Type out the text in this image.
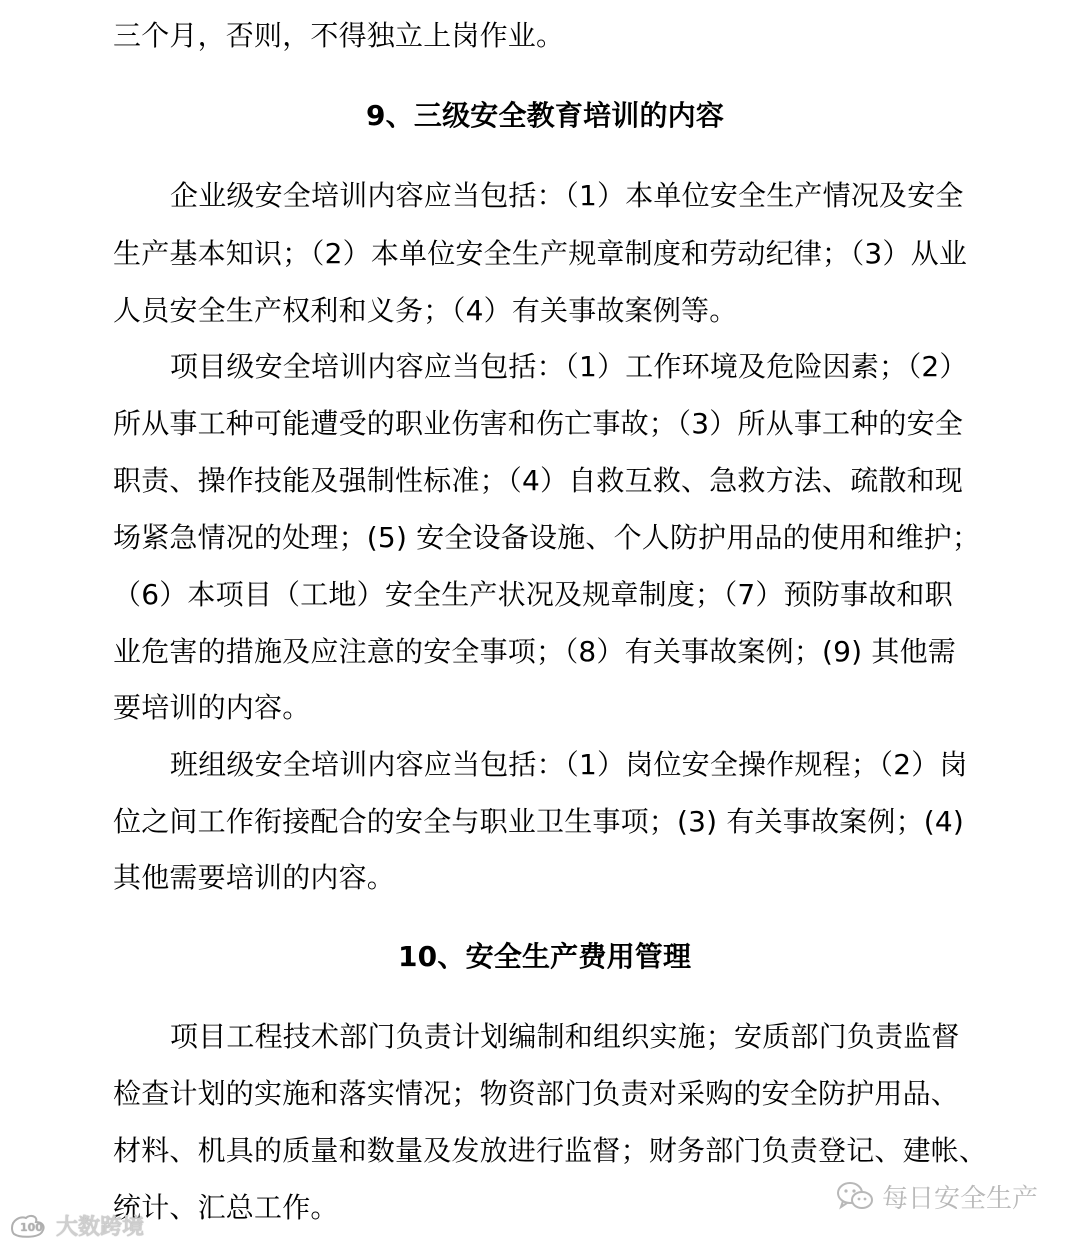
三个月，否则，不得独立上岗作业。
9、三级安全教育培训的内容
企业级安全培训内容应当包括：（1）本单位安全生产情况及安全
生产基本知识；（2）本单位安全生产规章制度和劳动纪律；（3）从业
人员安全生产权利和义务；（4）有关事故案例等。
项目级安全培训内容应当包括：（1）工作环境及危险因素；（2）
所从事工种可能遭受的职业伤害和伤亡事故；（3）所从事工种的安全
职责、操作技能及强制性标准；（4）自救互救、急救方法、疏散和现
场紧急情况的处理；(5) 安全设备设施、个人防护用品的使用和维护；
（6）本项目（工地）安全生产状况及规章制度；（7）预防事故和职
业危害的措施及应注意的安全事项；（8）有关事故案例；(9) 其他需
要培训的内容。
班组级安全培训内容应当包括：（1）岗位安全操作规程；（2）岗
位之间工作衔接配合的安全与职业卫生事项；(3) 有关事故案例；(4)
其他需要培训的内容。
10、安全生产费用管理
项目工程技术部门负责计划编制和组织实施；安质部门负责监督
检查计划的实施和落实情况；物资部门负责对采购的安全防护用品、
材料、机具的质量和数量及发放进行监督；财务部门负责登记、建帐、
统计、汇总工作。	每日安全生产
100 大数跨境
